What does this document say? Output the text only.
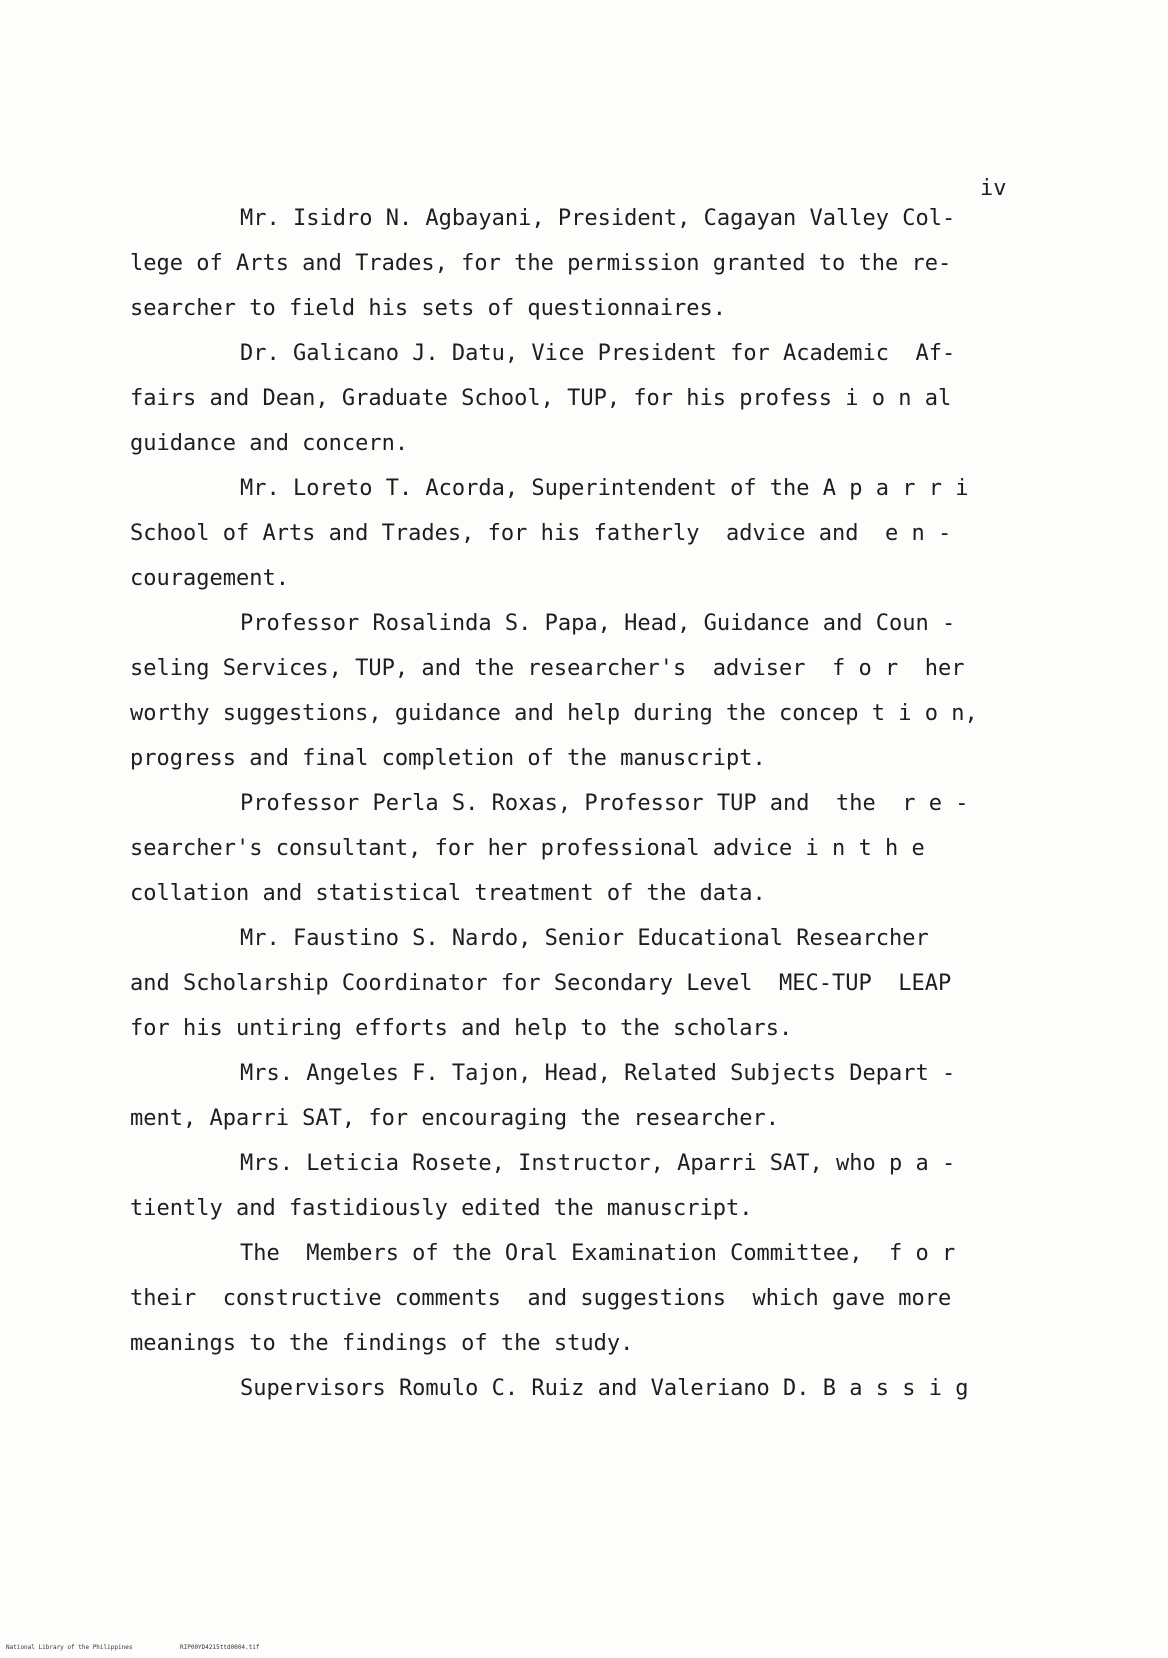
iv
Mr. Isidro N. Agbayani, President, Cagayan Valley Col-
lege of Arts and Trades, for the permission granted to the re-
searcher to field his sets of questionnaires.
Dr. Galicano J. Datu, Vice President for Academic  Af-
fairs and Dean, Graduate School, TUP, for his profess i o n al
guidance and concern.
Mr. Loreto T. Acorda, Superintendent of the A p a r r i
School of Arts and Trades, for his fatherly  advice and  e n -
couragement.
Professor Rosalinda S. Papa, Head, Guidance and Coun -
seling Services, TUP, and the researcher's  adviser  f o r  her
worthy suggestions, guidance and help during the concep t i o n,
progress and final completion of the manuscript.
Professor Perla S. Roxas, Professor TUP and  the  r e -
searcher's consultant, for her professional advice i n t h e
collation and statistical treatment of the data.
Mr. Faustino S. Nardo, Senior Educational Researcher
and Scholarship Coordinator for Secondary Level  MEC-TUP  LEAP
for his untiring efforts and help to the scholars.
Mrs. Angeles F. Tajon, Head, Related Subjects Depart -
ment, Aparri SAT, for encouraging the researcher.
Mrs. Leticia Rosete, Instructor, Aparri SAT, who p a -
tiently and fastidiously edited the manuscript.
The  Members of the Oral Examination Committee,  f o r
their  constructive comments  and suggestions  which gave more
meanings to the findings of the study.
Supervisors Romulo C. Ruiz and Valeriano D. B a s s i g
National Library of the Philippines	RIP00YD4215ttd0004.tif
